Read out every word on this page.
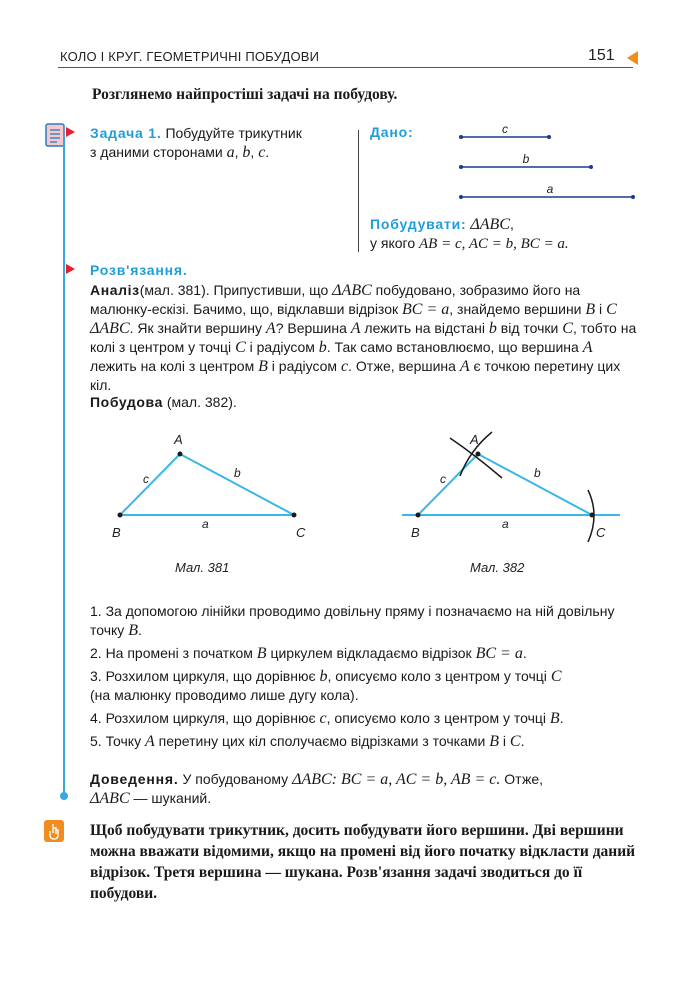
КОЛО І КРУГ. ГЕОМЕТРИЧНІ ПОБУДОВИ	151
Розглянемо найпростіші задачі на побудову.
Задача 1. Побудуйте трикутник
з даними сторонами a, b, c.
Дано:	c
b
a
Побудувати: ΔABC,
у якого AB = c, AC = b, BC = a.
Розв'язання.
Аналіз(мал. 381). Припустивши, що ΔABC побудовано, зобразимо його на малюнку-ескізі. Бачимо, що, відклавши відрізок BC = a, знайдемо вершини B і C ΔABC. Як знайти вершину A? Вершина A лежить на відстані b від точки C, тобто на колі з центром у точці C і радіусом b. Так само встановлюємо, що вершина A лежить на колі з центром B і радіусом c. Отже, вершина A є точкою перетину цих кіл.
Побудова (мал. 382).
A
B	C
a
b
c
Мал. 381
A
B	C
a
b
c
Мал. 382
1. За допомогою лінійки проводимо довільну пряму і позначаємо на ній довільну точку B.
2. На промені з початком B циркулем відкладаємо відрізок BC = a.
3. Розхилом циркуля, що дорівнює b, описуємо коло з центром у точці C
(на малюнку проводимо лише дугу кола).
4. Розхилом циркуля, що дорівнює c, описуємо коло з центром у точці B.
5. Точку A перетину цих кіл сполучаємо відрізками з точками B і C.
Доведення. У побудованому ΔABC: BC = a, AC = b, AB = c. Отже,
ΔABC — шуканий.
Щоб побудувати трикутник, досить побудувати його вершини. Дві вершини можна вважати відомими, якщо на промені від його початку відкласти даний відрізок. Третя вершина — шукана. Розв'язання задачі зводиться до її побудови.
